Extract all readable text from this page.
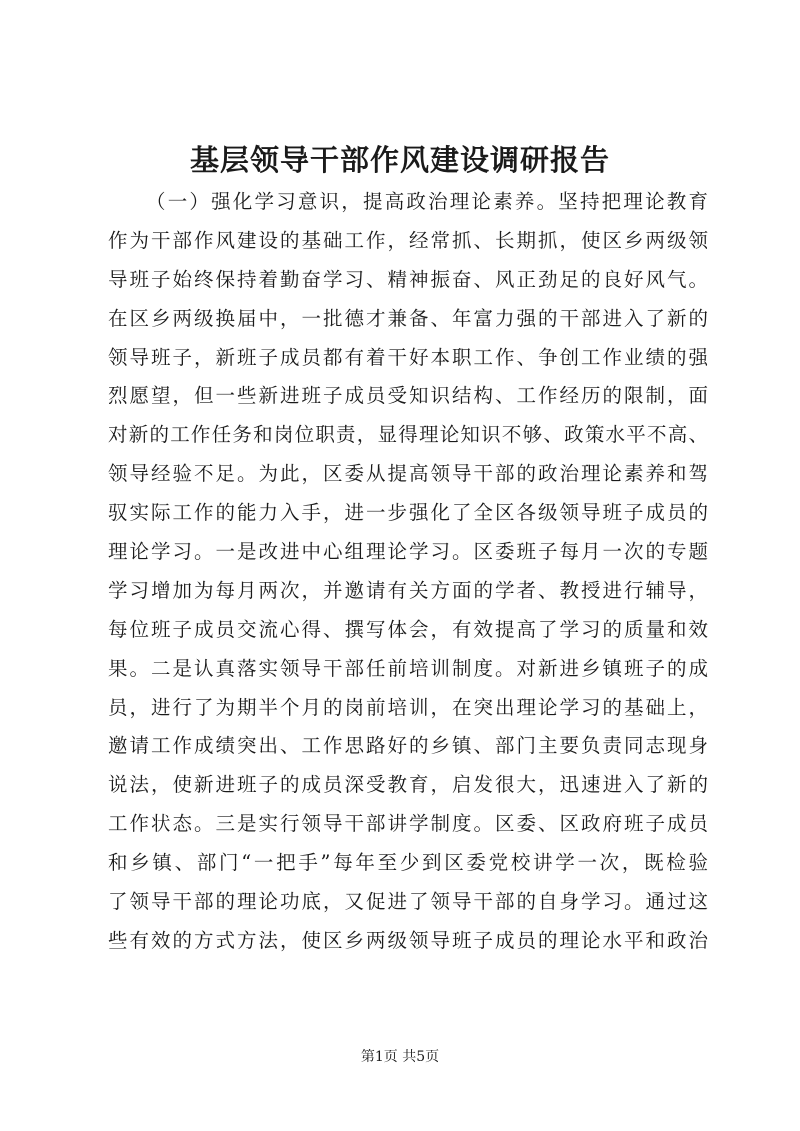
基层领导干部作风建设调研报告
（一）强化学习意识，提高政治理论素养。坚持把理论教育
作为干部作风建设的基础工作，经常抓、长期抓，使区乡两级领
导班子始终保持着勤奋学习、精神振奋、风正劲足的良好风气。
在区乡两级换届中，一批德才兼备、年富力强的干部进入了新的
领导班子，新班子成员都有着干好本职工作、争创工作业绩的强
烈愿望，但一些新进班子成员受知识结构、工作经历的限制，面
对新的工作任务和岗位职责，显得理论知识不够、政策水平不高、
领导经验不足。为此，区委从提高领导干部的政治理论素养和驾
驭实际工作的能力入手，进一步强化了全区各级领导班子成员的
理论学习。一是改进中心组理论学习。区委班子每月一次的专题
学习增加为每月两次，并邀请有关方面的学者、教授进行辅导，
每位班子成员交流心得、撰写体会，有效提高了学习的质量和效
果。二是认真落实领导干部任前培训制度。对新进乡镇班子的成
员，进行了为期半个月的岗前培训，在突出理论学习的基础上，
邀请工作成绩突出、工作思路好的乡镇、部门主要负责同志现身
说法，使新进班子的成员深受教育，启发很大，迅速进入了新的
工作状态。三是实行领导干部讲学制度。区委、区政府班子成员
和乡镇、部门“一把手”每年至少到区委党校讲学一次，既检验
了领导干部的理论功底，又促进了领导干部的自身学习。通过这
些有效的方式方法，使区乡两级领导班子成员的理论水平和政治
第1页 共5页
